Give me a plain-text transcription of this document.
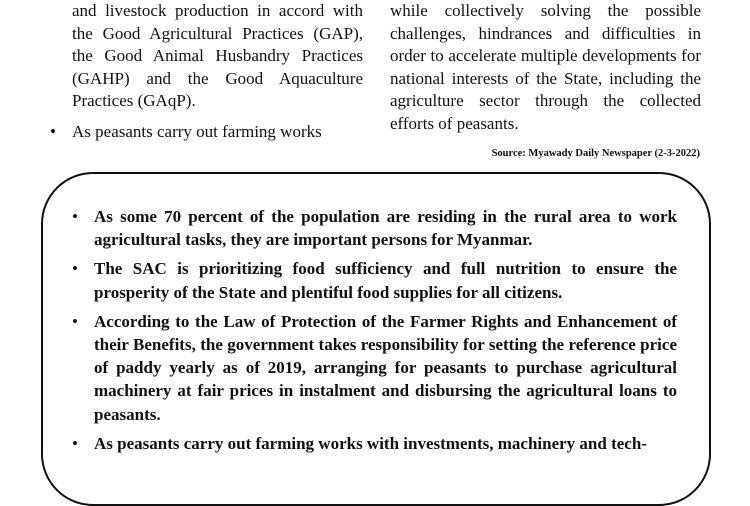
and livestock production in accord with the Good Agricultural Practices (GAP), the Good Animal Husbandry Practices (GAHP) and the Good Aquaculture Practices (GAqP).

• As peasants carry out farming works

while collectively solving the possible challenges, hindrances and difficulties in order to accelerate multiple developments for national interests of the State, including the agriculture sector through the collected efforts of peasants.

Source: Myawady Daily Newspaper (2-3-2022)
• As some 70 percent of the population are residing in the rural area to work agricultural tasks, they are important persons for Myanmar.
• The SAC is prioritizing food sufficiency and full nutrition to ensure the prosperity of the State and plentiful food supplies for all citizens.
• According to the Law of Protection of the Farmer Rights and Enhancement of their Benefits, the government takes responsibility for setting the reference price of paddy yearly as of 2019, arranging for peasants to purchase agricultural machinery at fair prices in instalment and disbursing the agricultural loans to peasants.
• As peasants carry out farming works with investments, machinery and tech-
